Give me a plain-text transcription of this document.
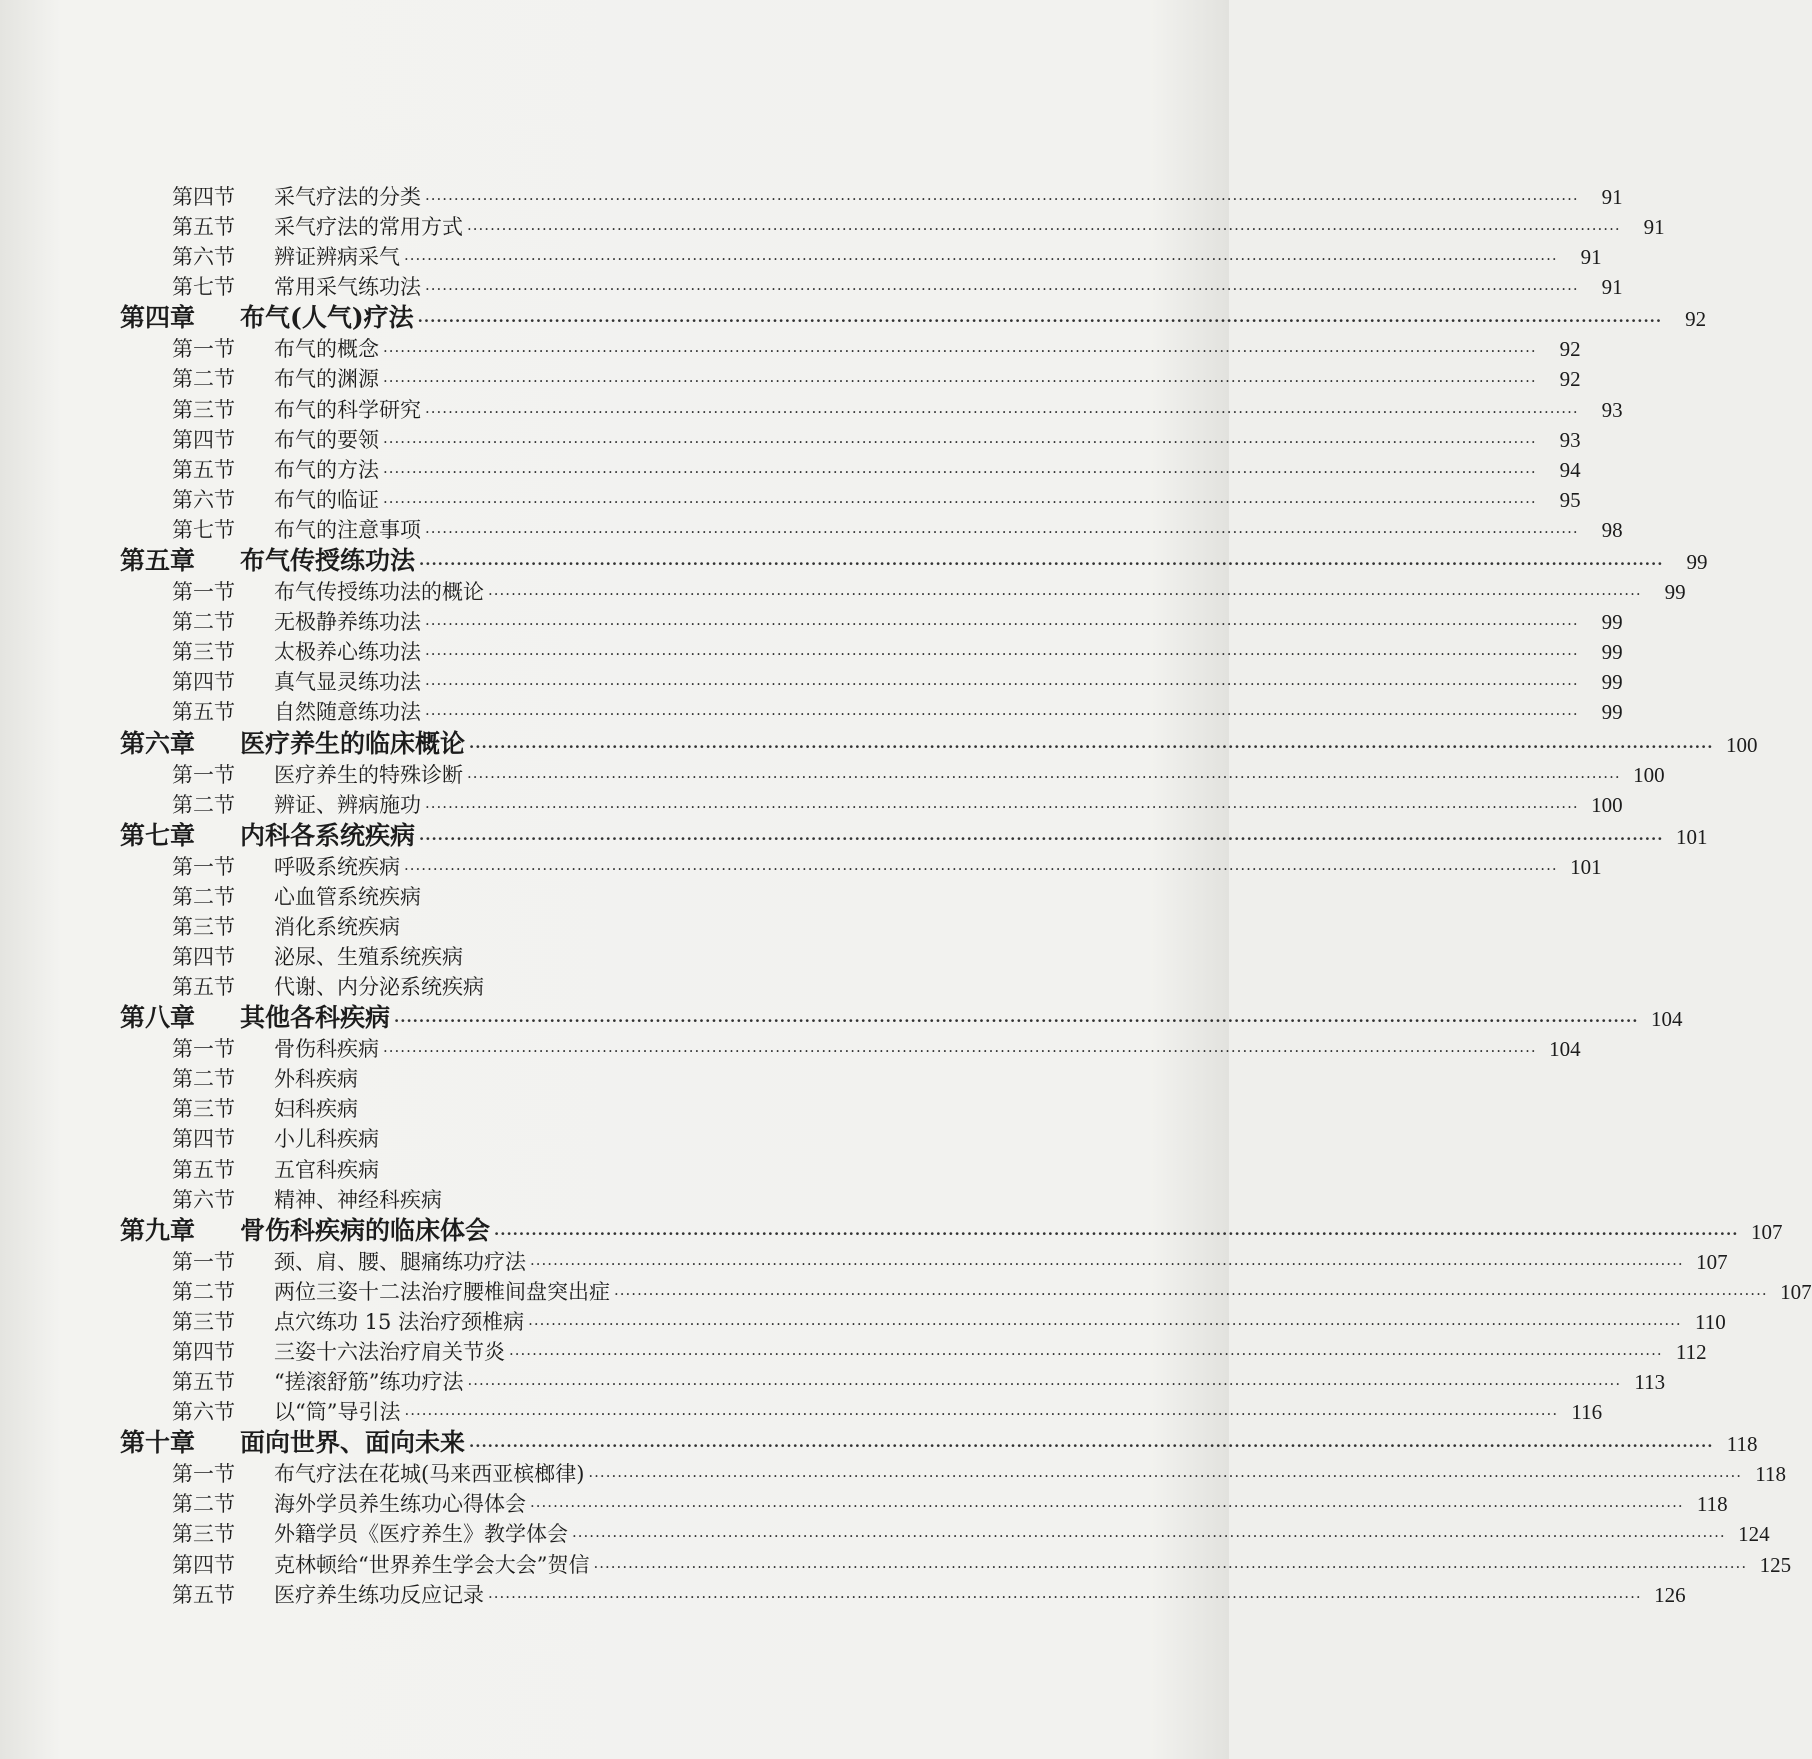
第四节	采气疗法的分类 ········································································································································································································	91
第五节	采气疗法的常用方式 ········································································································································································································	91
第六节	辨证辨病采气 ········································································································································································································	91
第七节	常用采气练功法 ········································································································································································································	91
第四章	布气(人气)疗法 ········································································································································································································	92
第一节	布气的概念 ········································································································································································································	92
第二节	布气的渊源 ········································································································································································································	92
第三节	布气的科学研究 ········································································································································································································	93
第四节	布气的要领 ········································································································································································································	93
第五节	布气的方法 ········································································································································································································	94
第六节	布气的临证 ········································································································································································································	95
第七节	布气的注意事项 ········································································································································································································	98
第五章	布气传授练功法 ········································································································································································································	99
第一节	布气传授练功法的概论 ········································································································································································································	99
第二节	无极静养练功法 ········································································································································································································	99
第三节	太极养心练功法 ········································································································································································································	99
第四节	真气显灵练功法 ········································································································································································································	99
第五节	自然随意练功法 ········································································································································································································	99
第六章	医疗养生的临床概论 ········································································································································································································ 100
第一节	医疗养生的特殊诊断 ········································································································································································································ 100
第二节	辨证、辨病施功 ········································································································································································································ 100
第七章	内科各系统疾病 ········································································································································································································ 101
第一节	呼吸系统疾病 ········································································································································································································ 101
第二节	心血管系统疾病
第三节	消化系统疾病
第四节	泌尿、生殖系统疾病
第五节	代谢、内分泌系统疾病
第八章	其他各科疾病 ········································································································································································································ 104
第一节	骨伤科疾病 ········································································································································································································ 104
第二节	外科疾病
第三节	妇科疾病
第四节	小儿科疾病
第五节	五官科疾病
第六节	精神、神经科疾病
第九章	骨伤科疾病的临床体会 ········································································································································································································ 107
第一节	颈、肩、腰、腿痛练功疗法 ········································································································································································································ 107
第二节	两位三姿十二法治疗腰椎间盘突出症 ········································································································································································································ 107
第三节	点穴练功 15 法治疗颈椎病 ········································································································································································································ 110
第四节	三姿十六法治疗肩关节炎 ········································································································································································································ 112
第五节	“搓滚舒筋”练功疗法 ········································································································································································································ 113
第六节	以“筒”导引法 ········································································································································································································ 116
第十章	面向世界、面向未来 ········································································································································································································ 118
第一节	布气疗法在花城(马来西亚槟榔律) ········································································································································································································ 118
第二节	海外学员养生练功心得体会 ········································································································································································································ 118
第三节	外籍学员《医疗养生》教学体会 ········································································································································································································ 124
第四节	克林顿给“世界养生学会大会”贺信 ········································································································································································································ 125
第五节	医疗养生练功反应记录 ········································································································································································································ 126
